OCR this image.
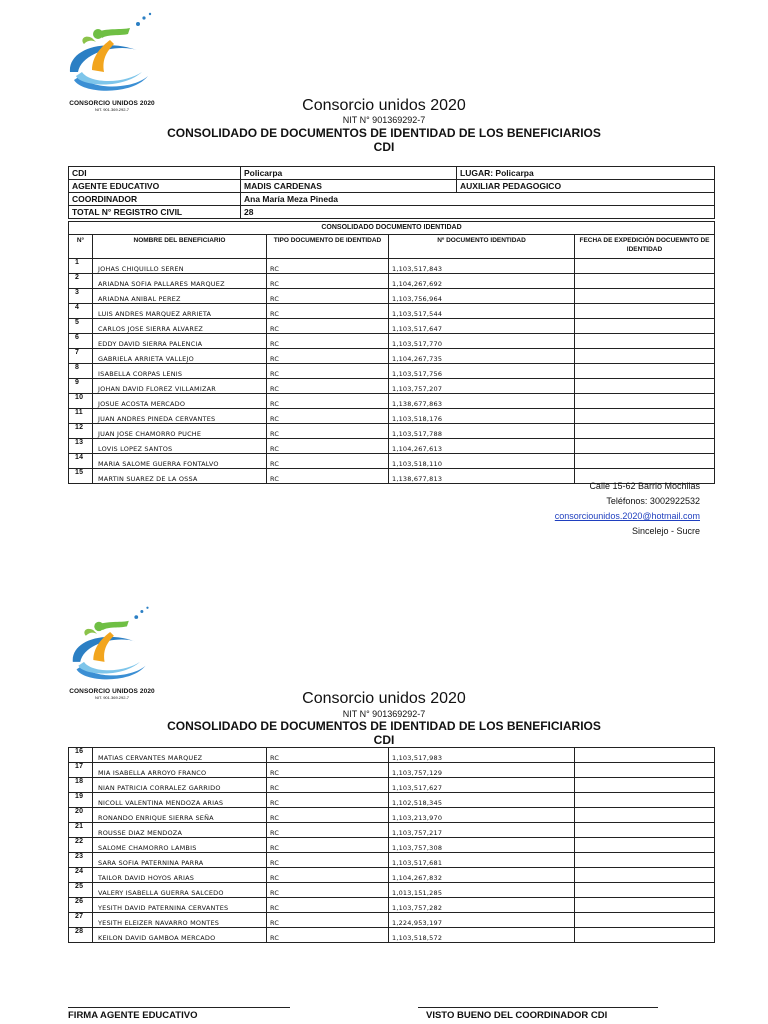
CONSORCIO UNIDOS 2020
NIT. 901.369.292-7	Consorcio unidos 2020
NIT N° 901369292-7
CONSOLIDADO DE DOCUMENTOS DE IDENTIDAD DE LOS BENEFICIARIOS
CDI
CDI	Policarpa	LUGAR: Policarpa
AGENTE EDUCATIVO	MADIS CARDENAS	AUXILIAR PEDAGOGICO
COORDINADOR	Ana María Meza Pineda	
TOTAL N° REGISTRO CIVIL	28	
CONSOLIDADO DOCUMENTO IDENTIDAD				
N°	NOMBRE DEL BENEFICIARIO	TIPO DOCUMENTO DE IDENTIDAD	Nº DOCUMENTO IDENTIDAD	FECHA DE EXPEDICIÓN DOCUEMNTO DE IDENTIDAD
1	JOHAS CHIQUILLO SEREN	RC	1,103,517,843	
2	ARIADNA SOFIA PALLARES MARQUEZ	RC	1,104,267,692	
3	ARIADNA ANIBAL PEREZ	RC	1,103,756,964	
4	LUIS ANDRES MARQUEZ ARRIETA	RC	1,103,517,544	
5	CARLOS JOSE SIERRA ALVAREZ	RC	1,103,517,647	
6	EDDY DAVID SIERRA PALENCIA	RC	1,103,517,770	
7	GABRIELA ARRIETA VALLEJO	RC	1,104,267,735	
8	ISABELLA CORPAS LENIS	RC	1,103,517,756	
9	JOHAN DAVID FLOREZ VILLAMIZAR	RC	1,103,757,207	
10	JOSUE ACOSTA MERCADO	RC	1,138,677,863	
11	JUAN ANDRES PINEDA CERVANTES	RC	1,103,518,176	
12	JUAN JOSE CHAMORRO PUCHE	RC	1,103,517,788	
13	LOVIS LOPEZ SANTOS	RC	1,104,267,613	
14	MARIA SALOME GUERRA FONTALVO	RC	1,103,518,110	
15	MARTIN SUAREZ DE LA OSSA	RC	1,138,677,813	
Calle 15-62 Barrio Mochilas
Teléfonos: 3002922532
consorciounidos.2020@hotmail.com
Sincelejo - Sucre
CONSORCIO UNIDOS 2020
NIT. 901.369.292-7	Consorcio unidos 2020
NIT N° 901369292-7
CONSOLIDADO DE DOCUMENTOS DE IDENTIDAD DE LOS BENEFICIARIOS
CDI
16	MATIAS CERVANTES MARQUEZ	RC	1,103,517,983	
17	MIA ISABELLA ARROYO FRANCO	RC	1,103,757,129	
18	NIAN PATRICIA CORRALEZ GARRIDO	RC	1,103,517,627	
19	NICOLL VALENTINA MENDOZA ARIAS	RC	1,102,518,345	
20	RONANDO ENRIQUE SIERRA SEÑA	RC	1,103,213,970	
21	ROUSSE DIAZ MENDOZA	RC	1,103,757,217	
22	SALOME CHAMORRO LAMBIS	RC	1,103,757,308	
23	SARA SOFIA PATERNINA PARRA	RC	1,103,517,681	
24	TAILOR DAVID HOYOS ARIAS	RC	1,104,267,832	
25	VALERY ISABELLA GUERRA SALCEDO	RC	1,013,151,285	
26	YESITH DAVID PATERNINA CERVANTES	RC	1,103,757,282	
27	YESITH ELEIZER NAVARRO MONTES	RC	1,224,953,197	
28	KEILON DAVID GAMBOA MERCADO	RC	1,103,518,572	
FIRMA AGENTE EDUCATIVO	VISTO BUENO DEL COORDINADOR CDI
